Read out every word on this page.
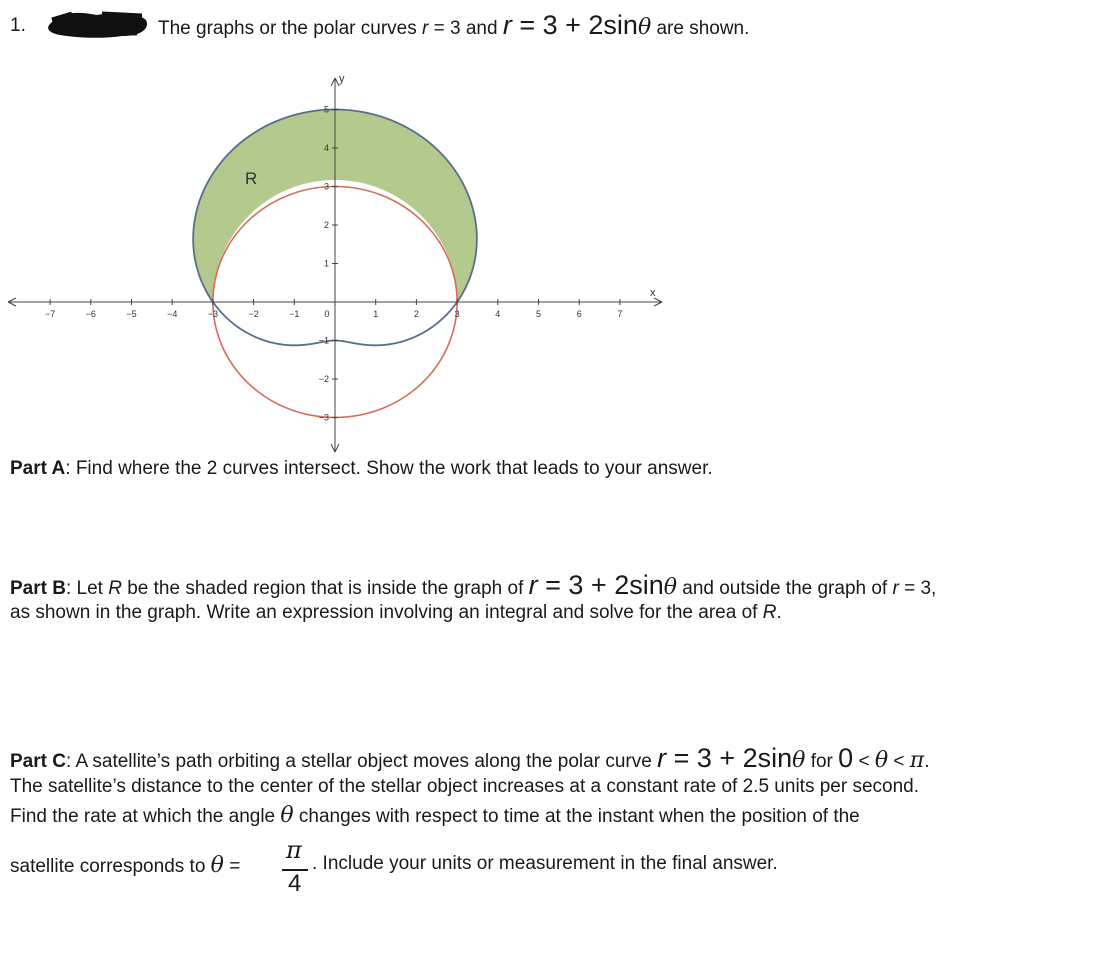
1.	The graphs or the polar curves r = 3 and r = 3 + 2sinθ are shown.
−7	−6	−5	−4	−3	−2	−1	0	1	2	3	4	5	6	7
5
4
3
2
1
−1
−2
−3
x
y
R
Part A: Find where the 2 curves intersect. Show the work that leads to your answer.
Part B: Let R be the shaded region that is inside the graph of r = 3 + 2sinθ and outside the graph of r = 3,
as shown in the graph. Write an expression involving an integral and solve for the area of R.
Part C: A satellite’s path orbiting a stellar object moves along the polar curve r = 3 + 2sinθ for 0 < θ < π.
The satellite’s distance to the center of the stellar object increases at a constant rate of 2.5 units per second.
Find the rate at which the angle θ changes with respect to time at the instant when the position of the
satellite corresponds to θ =
π
4
. Include your units or measurement in the final answer.
